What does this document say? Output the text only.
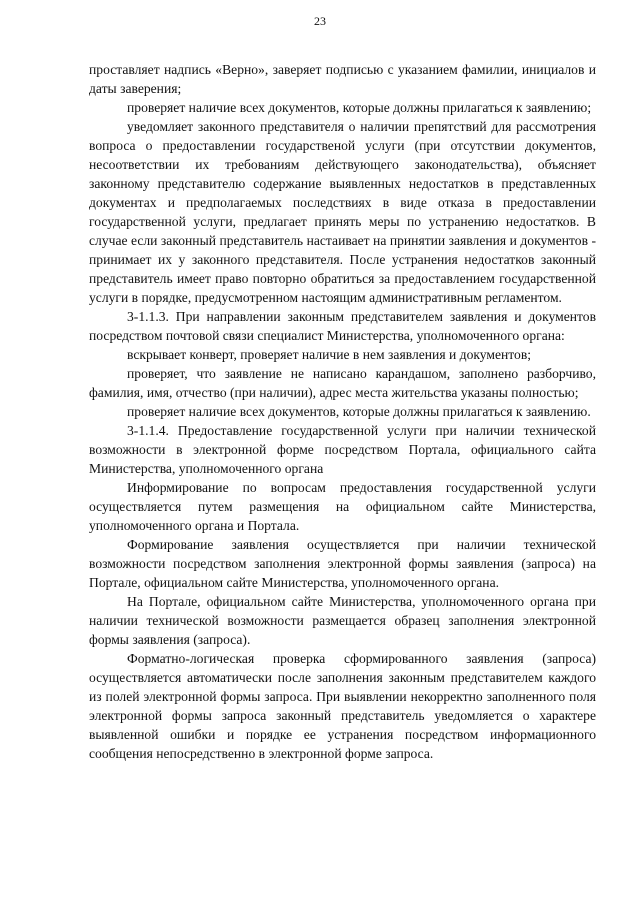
23

проставляет надпись «Верно», заверяет подписью с указанием фамилии, инициалов и даты заверения;

проверяет наличие всех документов, которые должны прилагаться к заявлению;

уведомляет законного представителя о наличии препятствий для рассмотрения вопроса о предоставлении государственой услуги (при отсутствии документов, несоответствии их требованиям действующего законодательства), объясняет законному представителю содержание выявленных недостатков в представленных документах и предполагаемых последствиях в виде отказа в предоставлении государственной услуги, предлагает принять меры по устранению недостатков. В случае если законный представитель настаивает на принятии заявления и документов - принимает их у законного представителя. После устранения недостатков законный представитель имеет право повторно обратиться за предоставлением государственной услуги в порядке, предусмотренном настоящим административным регламентом.

3-1.1.3. При направлении законным представителем заявления и документов посредством почтовой связи специалист Министерства, уполномоченного органа:

вскрывает конверт, проверяет наличие в нем заявления и документов;

проверяет, что заявление не написано карандашом, заполнено разборчиво, фамилия, имя, отчество (при наличии), адрес места жительства указаны полностью;

проверяет наличие всех документов, которые должны прилагаться к заявлению.

3-1.1.4. Предоставление государственной услуги при наличии технической возможности в электронной форме посредством Портала, официального сайта Министерства, уполномоченного органа

Информирование по вопросам предоставления государственной услуги осуществляется путем размещения на официальном сайте Министерства, уполномоченного органа и Портала.

Формирование заявления осуществляется при наличии технической возможности посредством заполнения электронной формы заявления (запроса) на Портале, официальном сайте Министерства, уполномоченного органа.

На Портале, официальном сайте Министерства, уполномоченного органа при наличии технической возможности размещается образец заполнения электронной формы заявления (запроса).

Форматно-логическая проверка сформированного заявления (запроса) осуществляется автоматически после заполнения законным представителем каждого из полей электронной формы запроса. При выявлении некорректно заполненного поля электронной формы запроса законный представитель уведомляется о характере выявленной ошибки и порядке ее устранения посредством информационного сообщения непосредственно в электронной форме запроса.
